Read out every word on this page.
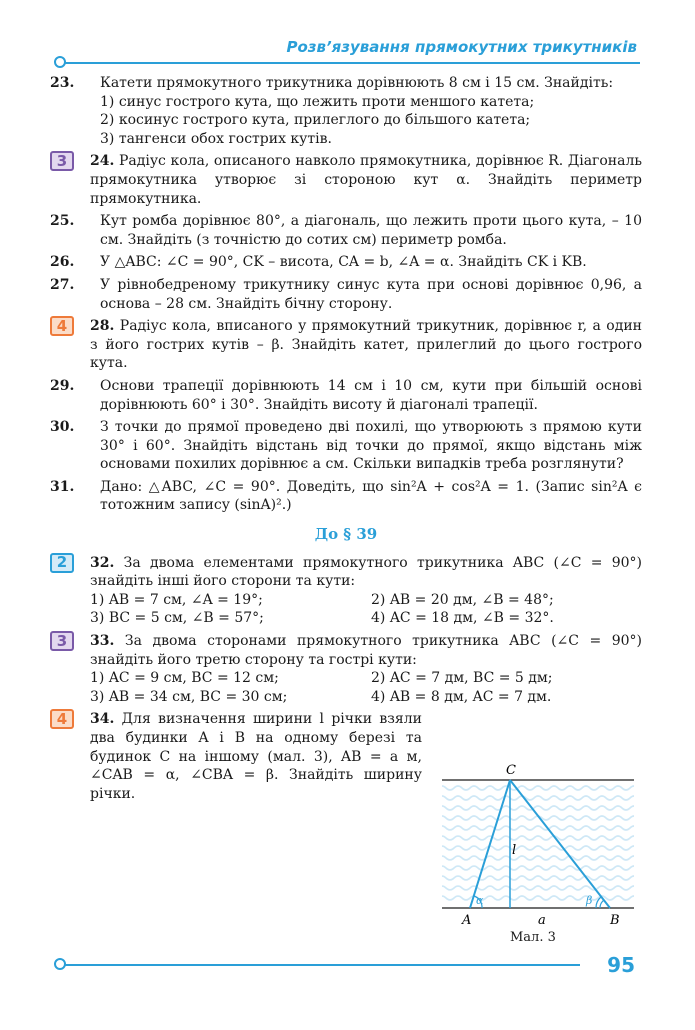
Розв’язування прямокутних трикутників
23.	Катети прямокутного трикутника дорівнюють 8 см і 15 см. Знайдіть:

1) синус гострого кута, що лежить проти меншого катета;

2) косинус гострого кута, прилеглого до більшого катета;

3) тангенси обох гострих кутів.

3	24. Радіус кола, описаного навколо прямокутника, дорівнює R. Діагональ прямокутника утворює зі стороною кут α. Знайдіть периметр прямокутника.

25.	Кут ромба дорівнює 80°, а діагональ, що лежить проти цього кута, – 10 см. Знайдіть (з точністю до сотих см) периметр ромба.

26.	У △ABC: ∠C = 90°, CK – висота, CA = b, ∠A = α. Знайдіть CK і KB.

27.	У рівнобедреному трикутнику синус кута при основі дорівнює 0,96, а основа – 28 см. Знайдіть бічну сторону.

4	28. Радіус кола, вписаного у прямокутний трикутник, дорівнює r, а один з його гострих кутів – β. Знайдіть катет, прилеглий до цього гострого кута.

29.	Основи трапеції дорівнюють 14 см і 10 см, кути при більшій основі дорівнюють 60° і 30°. Знайдіть висоту й діагоналі трапеції.

30.	З точки до прямої проведено дві похилі, що утворюють з прямою кути 30° і 60°. Знайдіть відстань від точки до прямої, якщо відстань між основами похилих дорівнює a см. Скільки випадків треба розглянути?

31.	Дано: △ABC, ∠C = 90°. Доведіть, що sin²A + cos²A = 1. (Запис sin²A є тотожним запису (sinA)².)

До § 39
2	32. За двома елементами прямокутного трикутника ABC (∠C = 90°) знайдіть інші його сторони та кути:

1) AB = 7 см, ∠A = 19°;	2) AB = 20 дм, ∠B = 48°;
3) BC = 5 см, ∠B = 57°;	4) AC = 18 дм, ∠B = 32°.
3	33. За двома сторонами прямокутного трикутника ABC (∠C = 90°) знайдіть його третю сторону та гострі кути:

1) AC = 9 см, BC = 12 см;	2) AC = 7 дм, BC = 5 дм;
3) AB = 34 см, BC = 30 см;	4) AB = 8 дм, AC = 7 дм.
4	34. Для визначення ширини l річки взяли два будинки A і B на одному березі та будинок C на іншому (мал. 3), AB = a м, ∠CAB = α, ∠CBA = β. Знайдіть ширину річки.

C
A	B
l
a
α	β
Мал. 3
95
